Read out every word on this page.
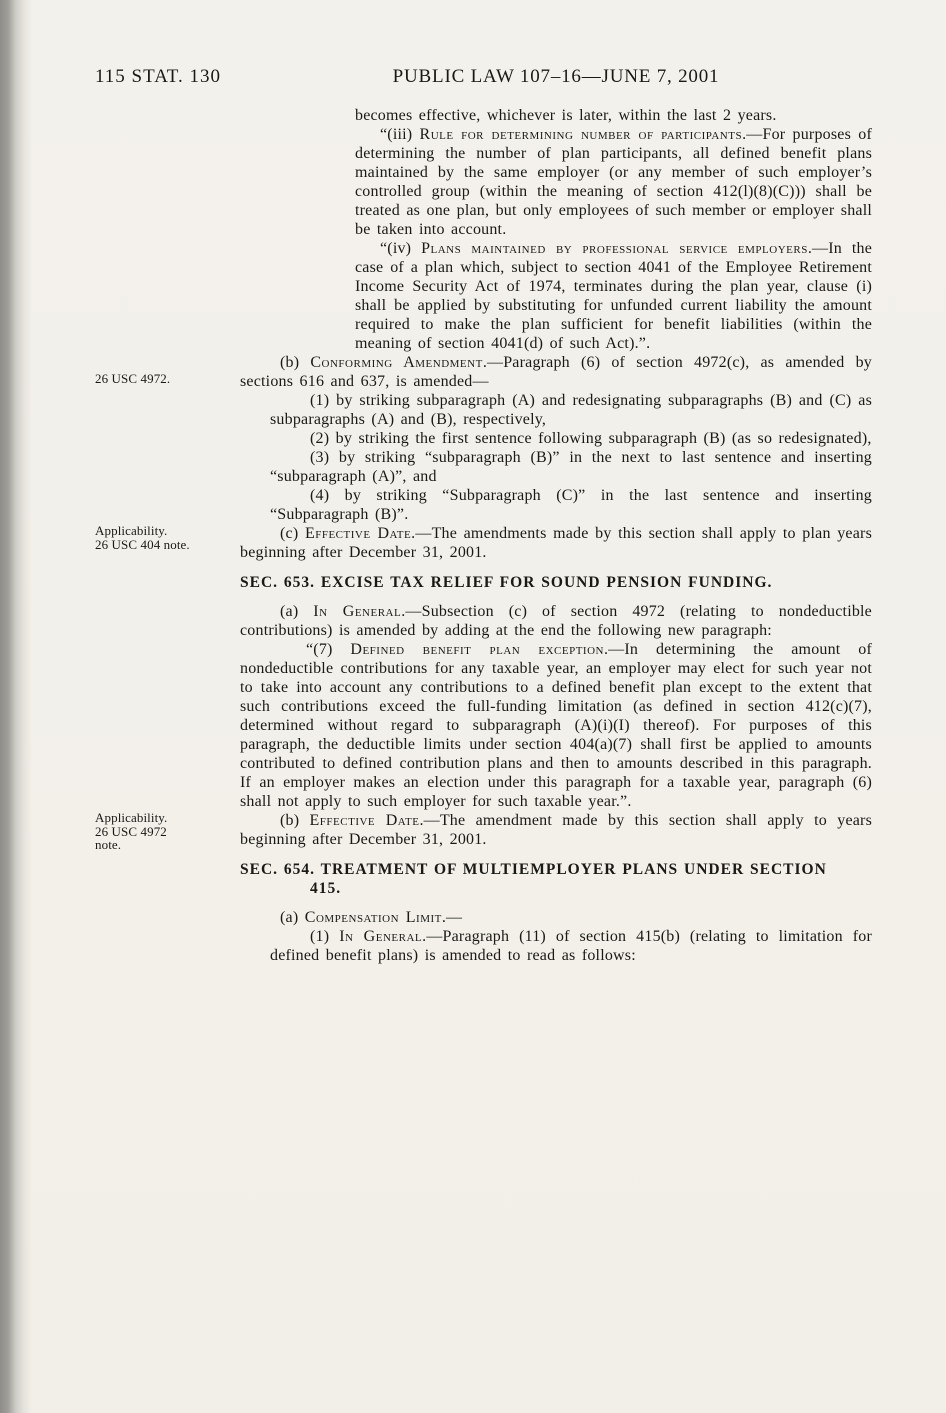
115 STAT. 130	PUBLIC LAW 107–16—JUNE 7, 2001

becomes effective, whichever is later, within the last 2 years.

“(iii) Rule for determining number of participants.—For purposes of determining the number of plan participants, all defined benefit plans maintained by the same employer (or any member of such employer’s controlled group (within the meaning of section 412(l)(8)(C))) shall be treated as one plan, but only employees of such member or employer shall be taken into account.

“(iv) Plans maintained by professional service employers.—In the case of a plan which, subject to section 4041 of the Employee Retirement Income Security Act of 1974, terminates during the plan year, clause (i) shall be applied by substituting for unfunded current liability the amount required to make the plan sufficient for benefit liabilities (within the meaning of section 4041(d) of such Act).”.

(b) Conforming Amendment.—Paragraph (6) of section 4972(c), as amended by sections 616 and 637, is amended—

(1) by striking subparagraph (A) and redesignating subparagraphs (B) and (C) as subparagraphs (A) and (B), respectively,

(2) by striking the first sentence following subparagraph (B) (as so redesignated),

(3) by striking “subparagraph (B)” in the next to last sentence and inserting “subparagraph (A)”, and

(4) by striking “Subparagraph (C)” in the last sentence and inserting “Subparagraph (B)”.

(c) Effective Date.—The amendments made by this section shall apply to plan years beginning after December 31, 2001.

SEC. 653. EXCISE TAX RELIEF FOR SOUND PENSION FUNDING.

(a) In General.—Subsection (c) of section 4972 (relating to nondeductible contributions) is amended by adding at the end the following new paragraph:

“(7) Defined benefit plan exception.—In determining the amount of nondeductible contributions for any taxable year, an employer may elect for such year not to take into account any contributions to a defined benefit plan except to the extent that such contributions exceed the full-funding limitation (as defined in section 412(c)(7), determined without regard to subparagraph (A)(i)(I) thereof). For purposes of this paragraph, the deductible limits under section 404(a)(7) shall first be applied to amounts contributed to defined contribution plans and then to amounts described in this paragraph. If an employer makes an election under this paragraph for a taxable year, paragraph (6) shall not apply to such employer for such taxable year.”.

(b) Effective Date.—The amendment made by this section shall apply to years beginning after December 31, 2001.

SEC. 654. TREATMENT OF MULTIEMPLOYER PLANS UNDER SECTION
415.

(a) Compensation Limit.—

(1) In General.—Paragraph (11) of section 415(b) (relating to limitation for defined benefit plans) is amended to read as follows:

26 USC 4972.
Applicability.
26 USC 404 note.
Applicability.
26 USC 4972
note.
